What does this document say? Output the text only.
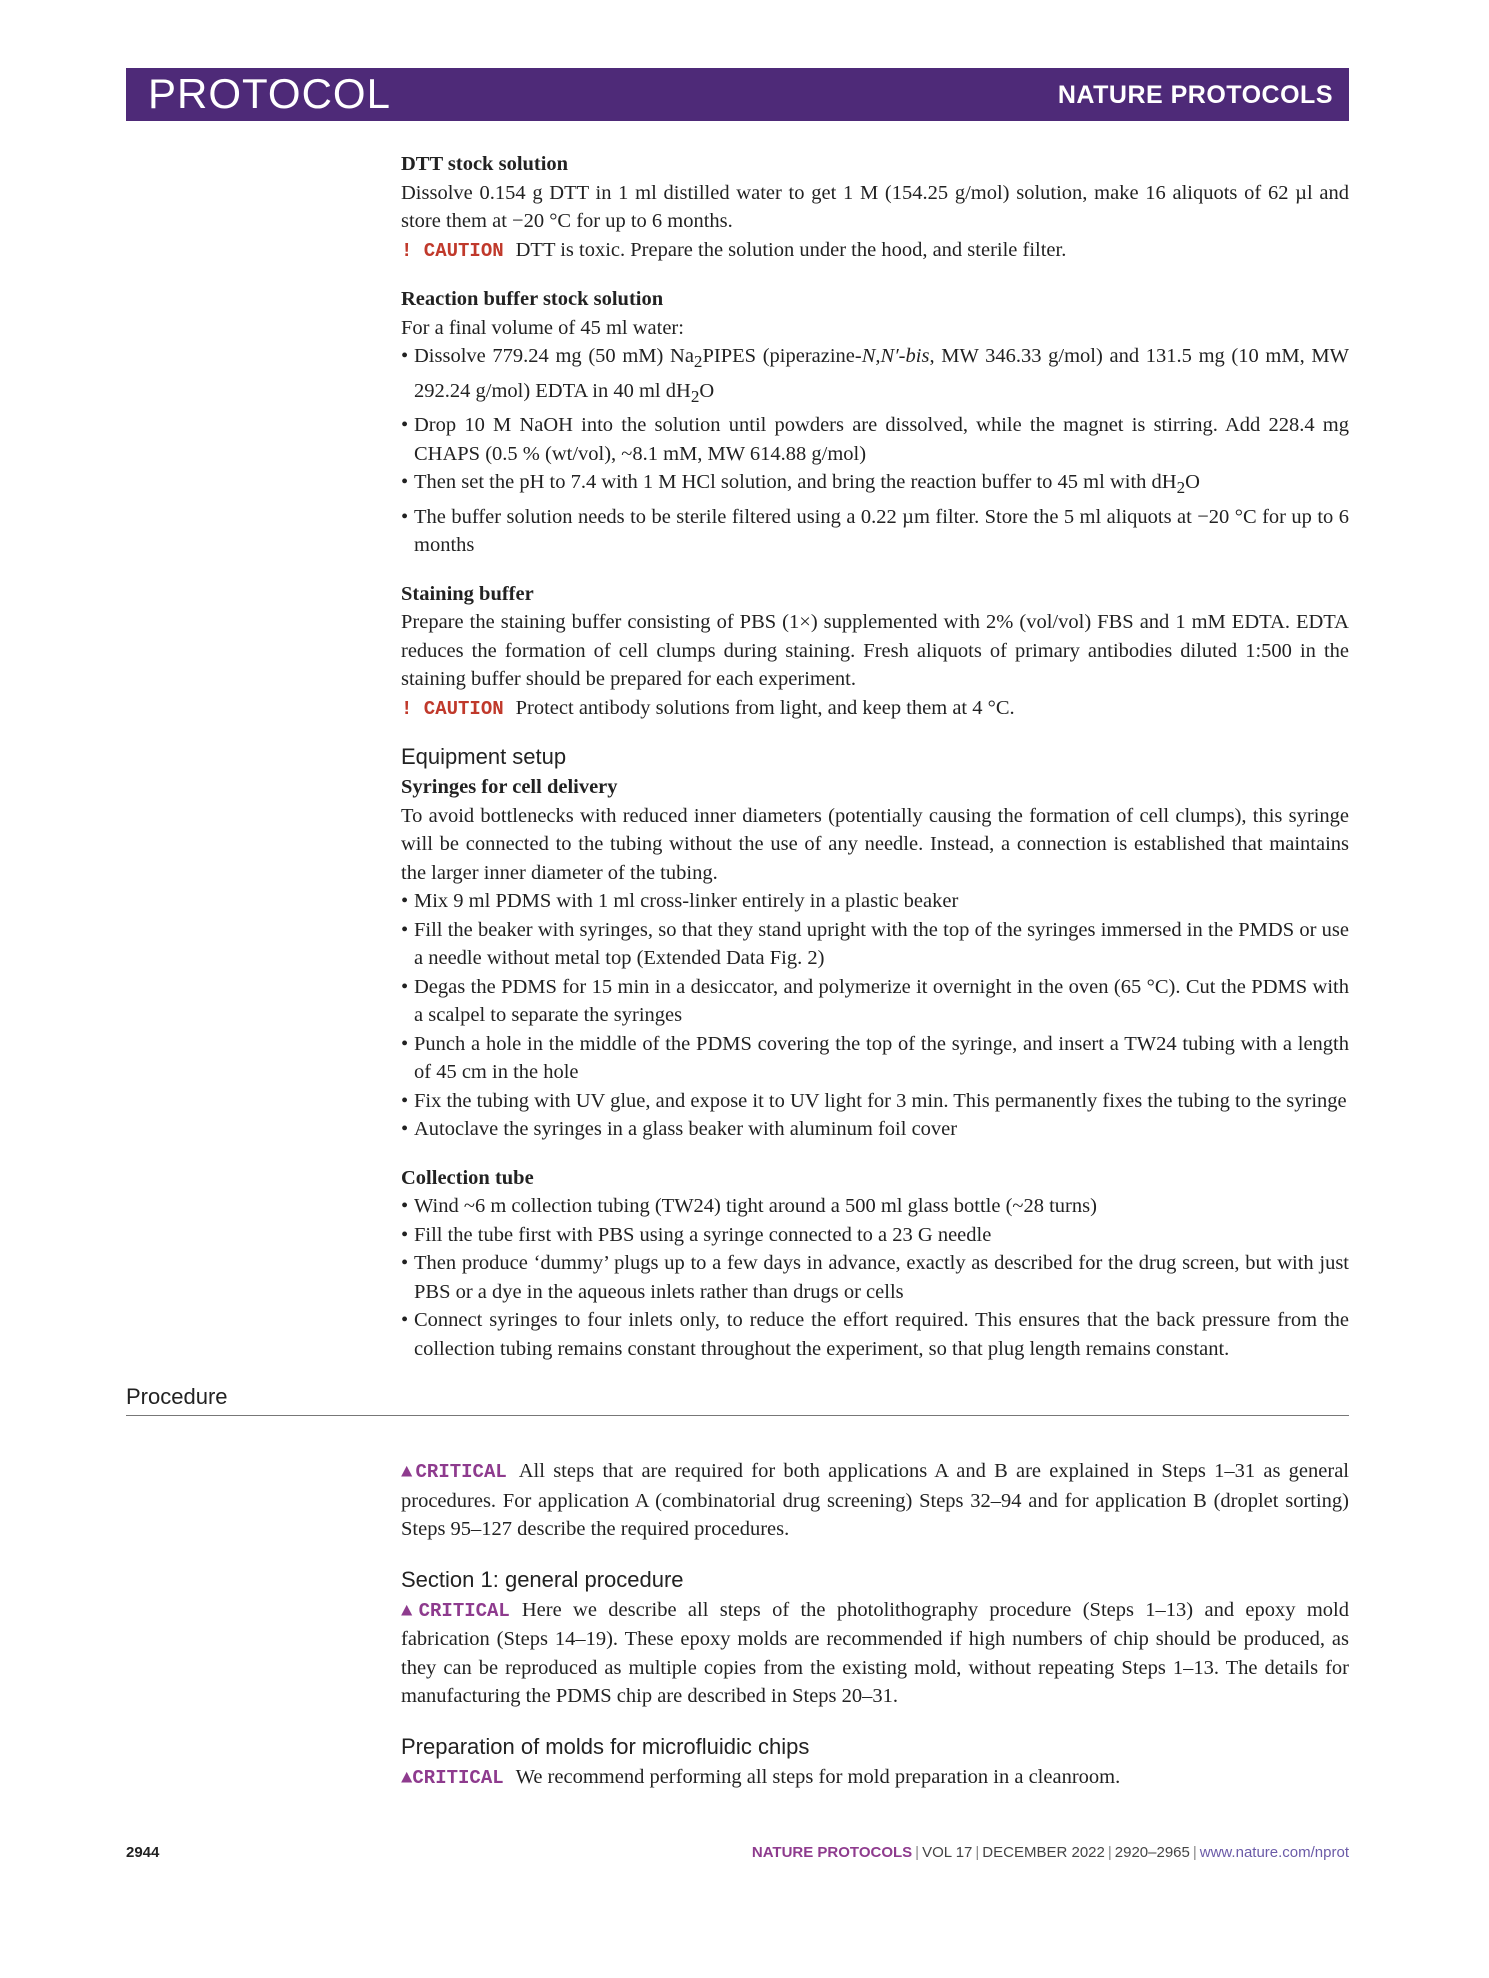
PROTOCOL	NATURE PROTOCOLS

DTT stock solution

Dissolve 0.154 g DTT in 1 ml distilled water to get 1 M (154.25 g/mol) solution, make 16 aliquots of 62 µl and store them at −20 °C for up to 6 months.

! CAUTION DTT is toxic. Prepare the solution under the hood, and sterile filter.

Reaction buffer stock solution

For a final volume of 45 ml water:

• Dissolve 779.24 mg (50 mM) $Na_2PIPES$ (piperazine-N,N′-bis, MW 346.33 g/mol) and 131.5 mg (10 mM, MW 292.24 g/mol) EDTA in 40 ml $dH_2O$

• Drop 10 M NaOH into the solution until powders are dissolved, while the magnet is stirring. Add 228.4 mg CHAPS (0.5 % (wt/vol), ~8.1 mM, MW 614.88 g/mol)

• Then set the pH to 7.4 with 1 M HCl solution, and bring the reaction buffer to 45 ml with $dH_2O$

• The buffer solution needs to be sterile filtered using a 0.22 µm filter. Store the 5 ml aliquots at −20 °C for up to 6 months

Staining buffer

Prepare the staining buffer consisting of PBS (1×) supplemented with 2% (vol/vol) FBS and 1 mM EDTA. EDTA reduces the formation of cell clumps during staining. Fresh aliquots of primary antibodies diluted 1:500 in the staining buffer should be prepared for each experiment.

! CAUTION Protect antibody solutions from light, and keep them at 4 °C.

Equipment setup

Syringes for cell delivery

To avoid bottlenecks with reduced inner diameters (potentially causing the formation of cell clumps), this syringe will be connected to the tubing without the use of any needle. Instead, a connection is established that maintains the larger inner diameter of the tubing.

• Mix 9 ml PDMS with 1 ml cross-linker entirely in a plastic beaker

• Fill the beaker with syringes, so that they stand upright with the top of the syringes immersed in the PMDS or use a needle without metal top (Extended Data Fig. 2)

• Degas the PDMS for 15 min in a desiccator, and polymerize it overnight in the oven (65 °C). Cut the PDMS with a scalpel to separate the syringes

• Punch a hole in the middle of the PDMS covering the top of the syringe, and insert a TW24 tubing with a length of 45 cm in the hole

• Fix the tubing with UV glue, and expose it to UV light for 3 min. This permanently fixes the tubing to the syringe

• Autoclave the syringes in a glass beaker with aluminum foil cover

Collection tube

• Wind ~6 m collection tubing (TW24) tight around a 500 ml glass bottle (~28 turns)

• Fill the tube first with PBS using a syringe connected to a 23 G needle

• Then produce ‘dummy’ plugs up to a few days in advance, exactly as described for the drug screen, but with just PBS or a dye in the aqueous inlets rather than drugs or cells

• Connect syringes to four inlets only, to reduce the effort required. This ensures that the back pressure from the collection tubing remains constant throughout the experiment, so that plug length remains constant.

Procedure

▲CRITICAL All steps that are required for both applications A and B are explained in Steps 1–31 as general procedures. For application A (combinatorial drug screening) Steps 32–94 and for application B (droplet sorting) Steps 95–127 describe the required procedures.

Section 1: general procedure

▲CRITICAL Here we describe all steps of the photolithography procedure (Steps 1–13) and epoxy mold fabrication (Steps 14–19). These epoxy molds are recommended if high numbers of chip should be produced, as they can be reproduced as multiple copies from the existing mold, without repeating Steps 1–13. The details for manufacturing the PDMS chip are described in Steps 20–31.

Preparation of molds for microfluidic chips

▲CRITICAL We recommend performing all steps for mold preparation in a cleanroom.

2944	NATURE PROTOCOLS | VOL 17 | DECEMBER 2022 | 2920–2965 | www.nature.com/nprot
